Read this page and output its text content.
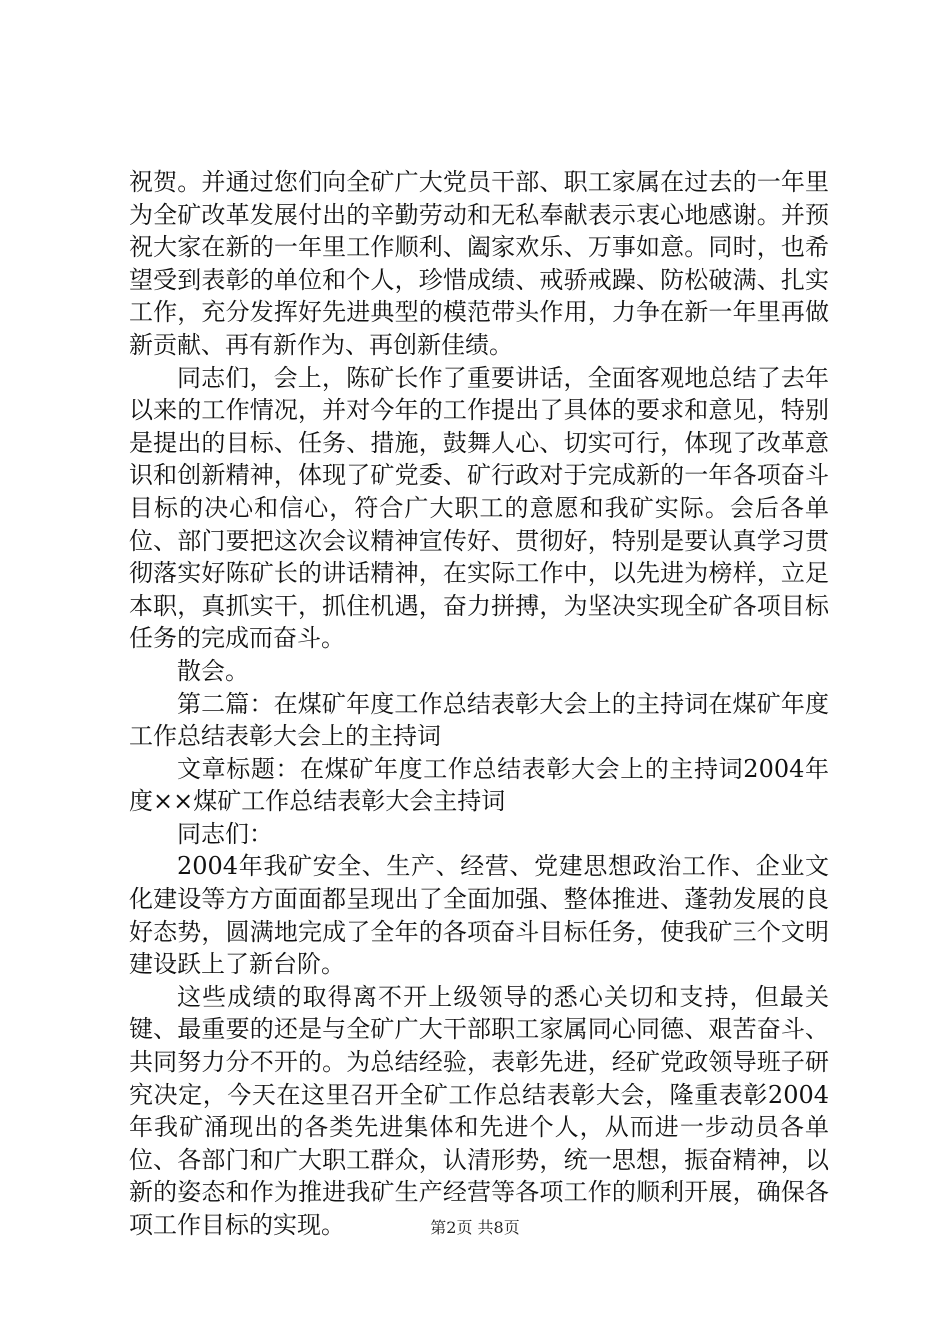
祝贺。并通过您们向全矿广大党员干部、职工家属在过去的一年里为全矿改革发展付出的辛勤劳动和无私奉献表示衷心地感谢。并预祝大家在新的一年里工作顺利、阖家欢乐、万事如意。同时，也希望受到表彰的单位和个人，珍惜成绩、戒骄戒躁、防松破满、扎实工作，充分发挥好先进典型的模范带头作用，力争在新一年里再做新贡献、再有新作为、再创新佳绩。

同志们，会上，陈矿长作了重要讲话，全面客观地总结了去年以来的工作情况，并对今年的工作提出了具体的要求和意见，特别是提出的目标、任务、措施，鼓舞人心、切实可行，体现了改革意识和创新精神，体现了矿党委、矿行政对于完成新的一年各项奋斗目标的决心和信心，符合广大职工的意愿和我矿实际。会后各单位、部门要把这次会议精神宣传好、贯彻好，特别是要认真学习贯彻落实好陈矿长的讲话精神，在实际工作中，以先进为榜样，立足本职，真抓实干，抓住机遇，奋力拼搏，为坚决实现全矿各项目标任务的完成而奋斗。

散会。

第二篇：在煤矿年度工作总结表彰大会上的主持词在煤矿年度工作总结表彰大会上的主持词

文章标题：在煤矿年度工作总结表彰大会上的主持词2004年度××煤矿工作总结表彰大会主持词

同志们：

2004年我矿安全、生产、经营、党建思想政治工作、企业文化建设等方方面面都呈现出了全面加强、整体推进、蓬勃发展的良好态势，圆满地完成了全年的各项奋斗目标任务，使我矿三个文明建设跃上了新台阶。

这些成绩的取得离不开上级领导的悉心关切和支持，但最关键、最重要的还是与全矿广大干部职工家属同心同德、艰苦奋斗、共同努力分不开的。为总结经验，表彰先进，经矿党政领导班子研究决定，今天在这里召开全矿工作总结表彰大会，隆重表彰2004年我矿涌现出的各类先进集体和先进个人，从而进一步动员各单位、各部门和广大职工群众，认清形势，统一思想，振奋精神，以新的姿态和作为推进我矿生产经营等各项工作的顺利开展，确保各项工作目标的实现。	第2页 共8页
